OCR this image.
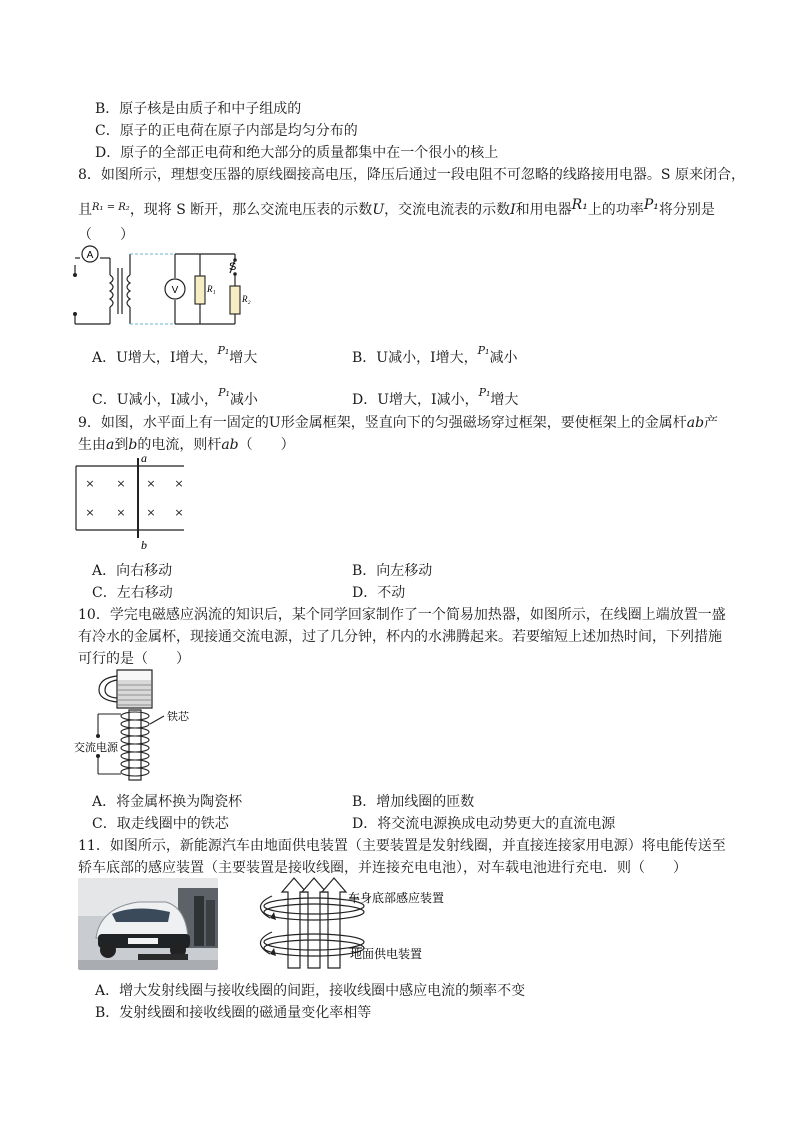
B．原子核是由质子和中子组成的
C．原子的正电荷在原子内部是均匀分布的
D．原子的全部正电荷和绝大部分的质量都集中在一个很小的核上
8．如图所示，理想变压器的原线圈接高电压，降压后通过一段电阻不可忽略的线路接用电器。S 原来闭合，
且$^{R_1 = R_2}$，现将 S 断开，那么交流电压表的示数U，交流电流表的示数I和用电器R₁上的功率P₁将分别是
（　　）
A
V
S
R₁
R₂
A．U增大，I增大，$^{P_1}$增大	B．U减小，I增大，$^{P_1}$减小
C．U减小，I减小，$^{P_1}$减小	D．U增大，I减小，$^{P_1}$增大
9．如图，水平面上有一固定的U形金属框架，竖直向下的匀强磁场穿过框架，要使框架上的金属杆ab产
生由a到b的电流，则杆ab（　　）
× × × ×
× × × ×
a
b
A．向右移动	B．向左移动
C．左右移动	D．不动
10．学完电磁感应涡流的知识后，某个同学回家制作了一个简易加热器，如图所示，在线圈上端放置一盛
有冷水的金属杯，现接通交流电源，过了几分钟，杯内的水沸腾起来。若要缩短上述加热时间，下列措施
可行的是（　　）
铁芯
交流电源
A．将金属杯换为陶瓷杯	B．增加线圈的匝数
C．取走线圈中的铁芯	D．将交流电源换成电动势更大的直流电源
11．如图所示，新能源汽车由地面供电装置（主要装置是发射线圈，并直接连接家用电源）将电能传送至
轿车底部的感应装置（主要装置是接收线圈，并连接充电电池），对车载电池进行充电．则（　　）
车身底部感应装置
地面供电装置
A．增大发射线圈与接收线圈的间距，接收线圈中感应电流的频率不变
B．发射线圈和接收线圈的磁通量变化率相等
